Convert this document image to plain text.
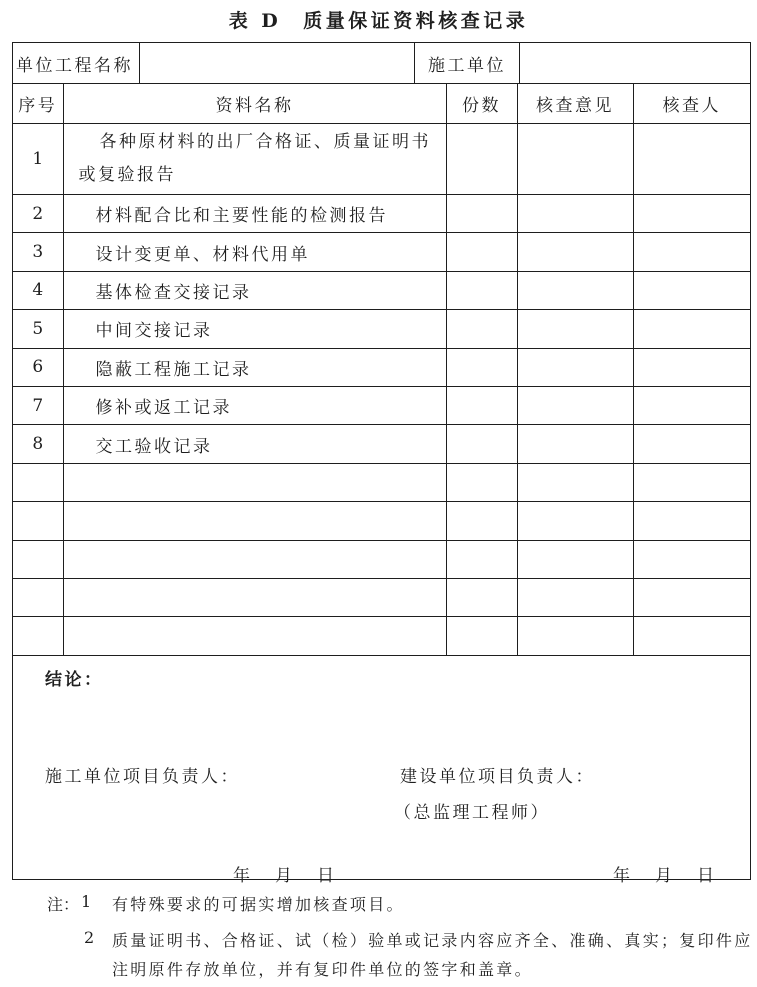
表 D 质量保证资料核查记录
单位工程名称	施工单位
序号	资料名称	份数	核查意见	核查人
1	各种原材料的出厂合格证、质量证明书
或复验报告			

2	材料配合比和主要性能的检测报告			
3	设计变更单、材料代用单			
4	基体检查交接记录			
5	中间交接记录			
6	隐蔽工程施工记录			
7	修补或返工记录			
8	交工验收记录			

结论：
施工单位项目负责人：	建设单位项目负责人：
（总监理工程师）
年　月　日	年　月　日
注： 1 有特殊要求的可据实增加核查项目。
2 质量证明书、合格证、试（检）验单或记录内容应齐全、准确、真实；复印件应
注明原件存放单位，并有复印件单位的签字和盖章。
